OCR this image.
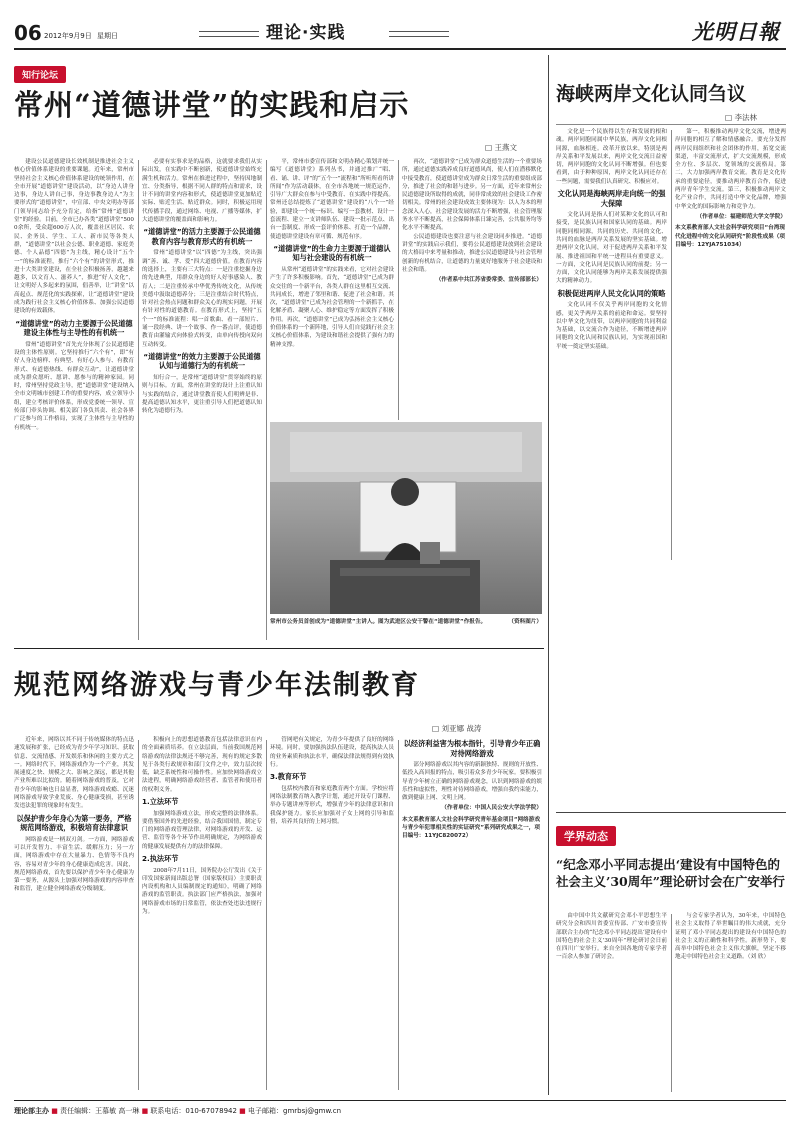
06 2012年9月9日 星期日	理论·实践	光明日報
知行论坛
常州“道德讲堂”的实践和启示
□ 王燕文

建设公民道德建设长效机制是推进社会主义核心价值体系建设的重要课题。近年来，常州市坚持社会主义核心价值体系建设的统领作用，在全市开展“道德讲堂”建设活动，以“身边人讲身边事，身边人讲自己事，身边事教身边人”为主要形式的“道德讲堂”，中宣部、中央文明办等部门领导同志给予充分肯定，给指“常州”道德讲堂”的经验。目前，全市已办各类“道德讲堂”5000余所，受众超600万人次，覆盖社区居民、农民、企务员、学生、工人、新市民等各类人群，“道德讲堂”以社会公德、职业道德、家庭美德、个人品德“四德”为主线，精心设计“五个一”的标准流程，推行“六个有”的讲堂形式，推进十大类讲堂建设，在全社会积极扬善，越越来越多，以文育人、滋养人”，推进“好人文化”，让文明好人多起来的氛围，倡善举，让“讲堂”以高起点、规范化的实践探索，让“道德讲堂”建设成为践行社会主义核心价值体系、加强公民道德建设的有效载体。

“道德讲堂”的动力主要源于公民道德建设主体性与主导性的有机统一

常州“道德讲堂”首先充分体现了公民道德建设的主体性原则。它坚持推行“六个有”，即“有好人身边榜样、有典型、有好心人参与、有教育形式、有道德热线、有群众互动”，让道德讲堂成为群众愿听、愿讲、愿参与的精神家园。同时，常州坚持党政主导，把“道德讲堂”建设纳入全市文明城市创建工作的重要内容，成立领导小组，建立考核评价体系，形成党委统一领导、宣传部门牵头协调、相关部门各负其责、社会各界广泛参与的工作格局，实现了主体性与主导性的有机统一。

必要有实事求是的品格，这就要求我们从实际出发，在实践中不断创新，使道德讲堂始终充满生机和活力。常州在推进过程中，坚持因地制宜、分类指导，根据不同人群的特点和需求，设计不同的讲堂内容和形式，使道德讲堂更加贴近实际、贴近生活、贴近群众。同时，积极运用现代传播手段，通过网络、电视、广播等媒体，扩大道德讲堂的覆盖面和影响力。

“道德讲堂”的活力主要源于公民道德教育内容与教育形式的有机统一

常州“道德讲堂”以“四德”为主线，突出强调“善、诚、孝、爱”四大道德价值。在教育内容的选择上，主要有三大特点：一是注重挖掘身边的先进典型，用群众身边的好人好事感染人、教育人；二是注重传承中华优秀传统文化，从传统美德中汲取道德养分；三是注重结合时代特点，针对社会热点问题和群众关心的现实问题，开展有针对性的道德教育。在教育形式上，坚持“五个一”的标准流程：唱一首歌曲、看一部短片、诵一段经典、讲一个故事、作一番点评，使道德教育由灌输式向体验式转变，由单向传授向双向互动转变。

“道德讲堂”的效力主要源于公民道德认知与道德行为的有机统一

知行合一，是常州“道德讲堂”贯穿始终的原则与目标。方面，常州在讲堂的设计上注重认知与实践的结合，通过讲堂教育使人们明辨是非、提高道德认知水平，更注重引导人们把道德认知转化为道德行为。

平，常州市委宣传部和文明办精心策划并统一编写《道德讲堂》系列丛书，并通过推广“唱、看、诵、讲、评”的“五个一”流程和“所听所看所讲所闻”作为活动载体，在全市各地统一规范运作，引导广大群众在参与中受教育、在实践中得提高。常州还总结提炼了“道德讲堂”建设的“八个一”经验，即建设一个统一标识、编写一套教材、设计一套流程、建立一支讲师队伍、建设一批示范点、出台一套制度、形成一套评价体系、打造一个品牌，使道德讲堂建设有章可循、规范有序。

“道德讲堂”的生命力主要源于道德认知与社会建设的有机统一

从常州“道德讲堂”的实践来看，它对社会建设产生了许多积极影响。首先，“道德讲堂”已成为群众交往的一个新平台，各类人群在这里相互交流、共同成长，增进了邻里和谐、促进了社会和谐。其次，“道德讲堂”已成为社会管理的一个新抓手，在化解矛盾、凝聚人心、维护稳定等方面发挥了积极作用。再次，“道德讲堂”已成为弘扬社会主义核心价值体系的一个新阵地，引导人们自觉践行社会主义核心价值体系，为建设和谐社会提供了强有力的精神支撑。

再次，“道德讲堂”已成为群众道德生活的一个重要场所，通过道德实践养成良好道德风尚，使人们在潜移默化中接受教育，使道德讲堂成为群众日常生活的重要组成部分，推进了社会的和谐与进步。另一方面，近年来常州公民道德建设所取得的成就，同非常成效的社会建设工作密切相关。常州的社会建设成效主要体现为：以人为本的理念深入人心，社会建设发展的活力不断增强，社会管理服务水平不断提高，社会保障体系日臻完善，公共服务均等化水平不断提高。

公民道德建设也要注意与社会建设同步推进。“道德讲堂”的实践启示我们，要将公民道德建设放到社会建设的大格局中来考量和推动，推进公民道德建设与社会管理创新的有机结合，让道德的力量更好地服务于社会建设和社会和谐。

（作者系中共江苏省委常委、宣传部部长）
常州市公务员首创成为“道德讲堂”主讲人。图为武进区公安干警在“道德讲堂”作报告。	（资料图片）
海峡两岸文化认同刍议
□ 李法林

文化是一个民族得以生存和发展的根和魂。两岸同胞同属中华民族，两岸文化同根同源，血脉相连。改革开放以来，特别是两岸关系和平发展以来，两岸文化交流日益密切，两岸同胞的文化认同不断增强。但也要看到，由于种种原因，两岸文化认同还存在一些问题，需要我们认真研究、积极应对。

文化认同是海峡两岸走向统一的强大保障

文化认同是指人们对某种文化的认可和接受，是民族认同和国家认同的基础。两岸同胞同根同源，共同的历史、共同的文化、共同的血脉是两岸关系发展的坚实基础。增进两岸文化认同，对于促进两岸关系和平发展、推进祖国和平统一进程具有重要意义。一方面，文化认同是民族认同的前提；另一方面，文化认同能够为两岸关系发展提供强大的精神动力。

积极促进两岸人民文化认同的策略

文化认同不仅关乎两岸同胞的文化情感，更关乎两岸关系的前途和命运。要坚持以中华文化为纽带，以两岸同胞的共同利益为基础，以交流合作为途径，不断增进两岸同胞的文化认同和民族认同，为实现祖国和平统一奠定坚实基础。

第一，积极推动两岸文化交流，增进两岸同胞的相互了解和情感融合。要充分发挥两岸民间组织和社会团体的作用，拓宽交流渠道，丰富交流形式，扩大交流规模，形成全方位、多层次、宽领域的交流格局。第二，大力加强两岸教育交流。教育是文化传承的重要途径，要推动两岸教育合作，促进两岸青年学生交流。第三，积极推动两岸文化产业合作，共同打造中华文化品牌，增强中华文化的国际影响力和竞争力。

（作者单位：福建师范大学文学院）
本文系教育部人文社会科学研究项目“台湾现代化进程中的文化认同研究”阶段性成果（项目编号：12YJA751034）
规范网络游戏与青少年法制教育
□ 刘亚娜 战涛

近年来，网络以其不同于传统媒体的特点迅速发展和扩张，已经成为青少年学习知识、获取信息、交流情感、开发娱乐和休闲的主要方式之一。网络时代下，网络游戏作为一个产业，其发展速度之快、规模之大、影响之深远，都是其他产业所难以比拟的。随着网络游戏的普及，它对青少年的影响也日益显著，网络游戏成瘾、沉迷网络游戏导致学业荒废、身心健康受损，甚至诱发违法犯罪的现象时有发生。

以保护青少年身心为第一要务，严格规范网络游戏，积极培育法律意识

网络游戏是一柄双刃剑。一方面，网络游戏可以开发智力、丰富生活、缓解压力；另一方面，网络游戏中存在大量暴力、色情等不良内容，容易对青少年的身心健康造成危害。因此，规范网络游戏，首先要以保护青少年身心健康为第一要务，从源头上加强对网络游戏的内容审查和监管，建立健全网络游戏分级制度。

积极向上的思想道德教育包括法律意识在内的全面素质培养。在立法层面，当前我国规范网络游戏的法律法规还不够完善，现有的规定多散见于各类行政规章和部门文件之中，效力层次较低，缺乏系统性和可操作性。应加快网络游戏立法进程，明确网络游戏经营者、监管者和使用者的权利义务。

1.立法环节

加强网络游戏立法，形成完整的法律体系。要借鉴国外的先进经验，结合我国国情，制定专门的网络游戏管理法律，对网络游戏的开发、运营、监管等各个环节作出明确规定，为网络游戏的健康发展提供有力的法律保障。

2.执法环节

2008年7月11日，国务院办公厅发出《关于印发国家新闻出版总署（国家版权局）主要职责内设机构和人员编制规定的通知》，明确了网络游戏的监管职责。执法部门应严格执法，加强对网络游戏市场的日常监管，依法查处违法违规行为。

管网吧有关规定，为青少年提供了良好的网络环境。同时，要加强执法队伍建设，提高执法人员的业务素质和执法水平，确保法律法规得到有效执行。

3.教育环节

包括校内教育和家庭教育两个方面。学校应将网络法制教育纳入教学计划，通过开设专门课程、举办专题讲座等形式，增强青少年的法律意识和自我保护能力。家长应加强对子女上网的引导和监督，培养其良好的上网习惯。

以经济利益害为根本指针，引导青少年正确对待网络游戏

部分网络游戏以其内容的新颖独特、规则的开放性、低投入高回报的特点，吸引着众多青少年玩家。要积极引导青少年树立正确的网络游戏观念，认识到网络游戏的娱乐性和虚拟性，理性对待网络游戏，增强自我约束能力，做到健康上网、文明上网。

（作者单位：中国人民公安大学法学院）
本文系教育部人文社会科学研究青年基金项目“网络游戏与青少年犯罪相关性的实证研究”系列研究成果之一，项目编号：11YJC820072）	学界动态
“纪念邓小平同志提出‘建设有中国特色的社会主义’30周年”理论研讨会在广安举行

由中国中共文献研究会邓小平思想生平研究分会和四川省委宣传部、广安市委宣传部联合主办的“纪念邓小平同志提出‘建设有中国特色的社会主义’30周年”理论研讨会日前在四川广安举行。来自全国各地的专家学者一百余人参加了研讨会。

与会专家学者认为，30年来，中国特色社会主义取得了举世瞩目的伟大成就，充分证明了邓小平同志提出的建设有中国特色的社会主义的正确性和科学性。新形势下，要高举中国特色社会主义伟大旗帜，坚定不移地走中国特色社会主义道路。（刘 欣）

理论部主办 ■ 责任编辑：王慕敏 高一琳 ■ 联系电话：010-67078942 ■ 电子邮箱：gmrbsj@gmw.cn
